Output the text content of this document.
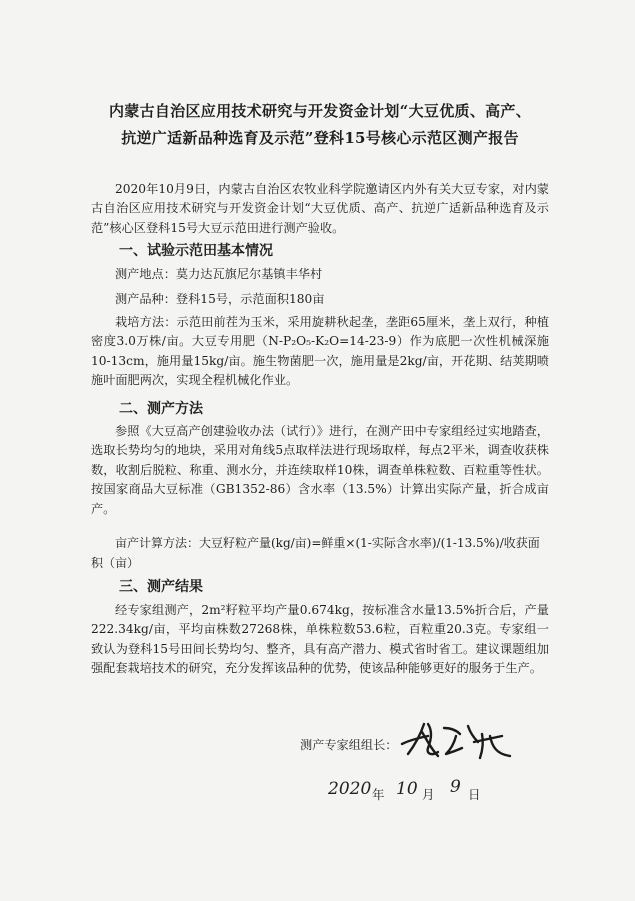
内蒙古自治区应用技术研究与开发资金计划“大豆优质、高产、
抗逆广适新品种选育及示范”登科15号核心示范区测产报告
2020年10月9日，内蒙古自治区农牧业科学院邀请区内外有关大豆专家，对内蒙古自治区应用技术研究与开发资金计划“大豆优质、高产、抗逆广适新品种选育及示范”核心区登科15号大豆示范田进行测产验收。
一、试验示范田基本情况
测产地点：莫力达瓦旗尼尔基镇丰华村
测产品种：登科15号，示范面积180亩
栽培方法：示范田前茬为玉米，采用旋耕秋起垄，垄距65厘米，垄上双行，种植密度3.0万株/亩。大豆专用肥（N-P₂O₅-K₂O=14-23-9）作为底肥一次性机械深施10-13cm，施用量15kg/亩。施生物菌肥一次，施用量是2kg/亩，开花期、结荚期喷施叶面肥两次，实现全程机械化作业。
二、测产方法
参照《大豆高产创建验收办法（试行）》进行，在测产田中专家组经过实地踏查，选取长势均匀的地块，采用对角线5点取样法进行现场取样，每点2平米，调查收获株数，收割后脱粒、称重、测水分，并连续取样10株，调查单株粒数、百粒重等性状。按国家商品大豆标准（GB1352-86）含水率（13.5%）计算出实际产量，折合成亩产。
亩产计算方法：大豆籽粒产量(kg/亩)=鲜重×(1-实际含水率)/(1-13.5%)/收获面积（亩）
三、测产结果
经专家组测产，2m²籽粒平均产量0.674kg，按标准含水量13.5%折合后，产量222.34kg/亩，平均亩株数27268株，单株粒数53.6粒，百粒重20.3克。专家组一致认为登科15号田间长势均匀、整齐，具有高产潜力、模式省时省工。建议课题组加强配套栽培技术的研究，充分发挥该品种的优势，使该品种能够更好的服务于生产。
测产专家组组长：
2020 年 10 月 9 日
